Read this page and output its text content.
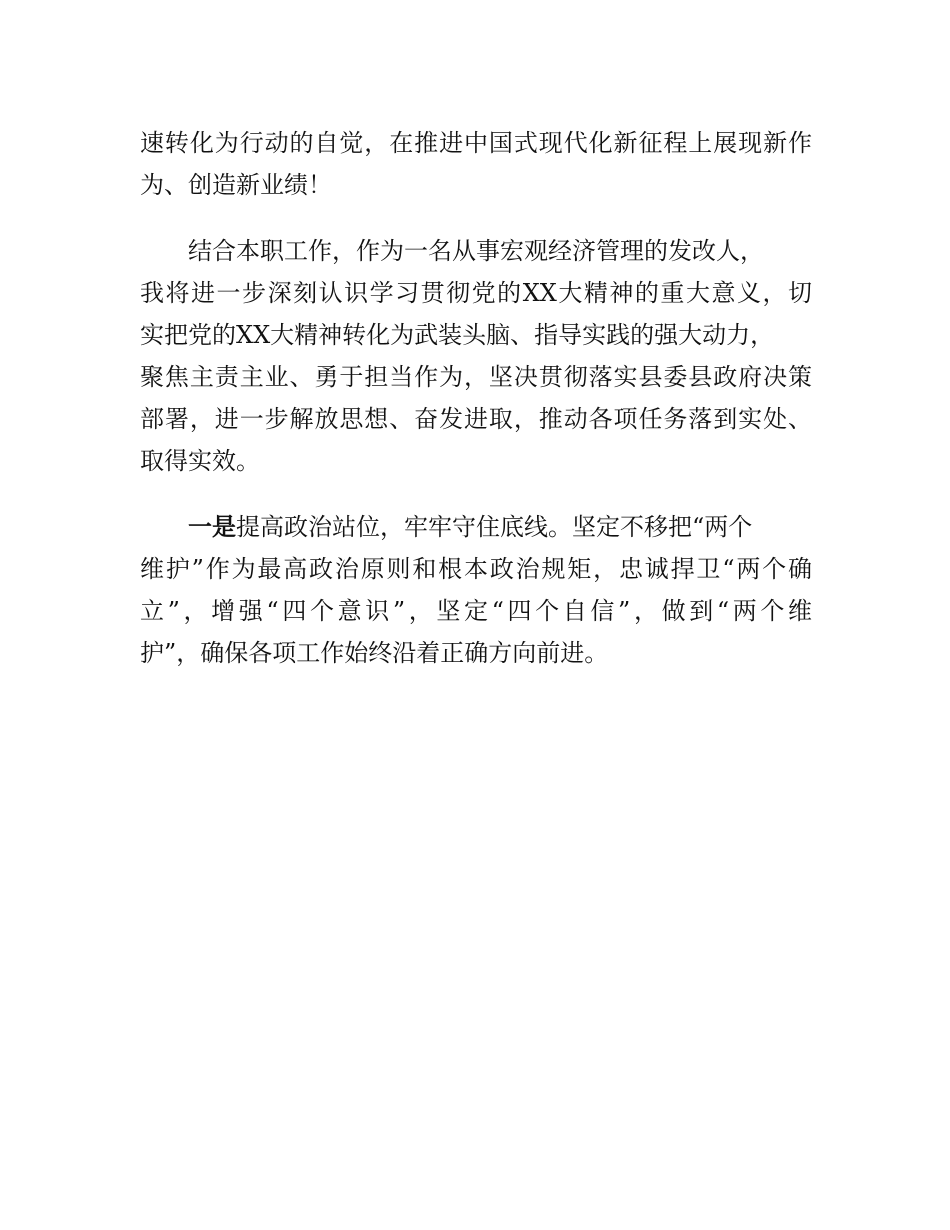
速转化为行动的自觉，在推进中国式现代化新征程上展现新作
为、创造新业绩！
　　结合本职工作，作为一名从事宏观经济管理的发改人，
我将进一步深刻认识学习贯彻党的XX大精神的重大意义，切
实把党的XX大精神转化为武装头脑、指导实践的强大动力，
聚焦主责主业、勇于担当作为，坚决贯彻落实县委县政府决策
部署，进一步解放思想、奋发进取，推动各项任务落到实处、
取得实效。
　　一是提高政治站位，牢牢守住底线。坚定不移把“两个
维护”作为最高政治原则和根本政治规矩，忠诚捍卫“两个确
立”，增强“四个意识”，坚定“四个自信”，做到“两个维
护”，确保各项工作始终沿着正确方向前进。
